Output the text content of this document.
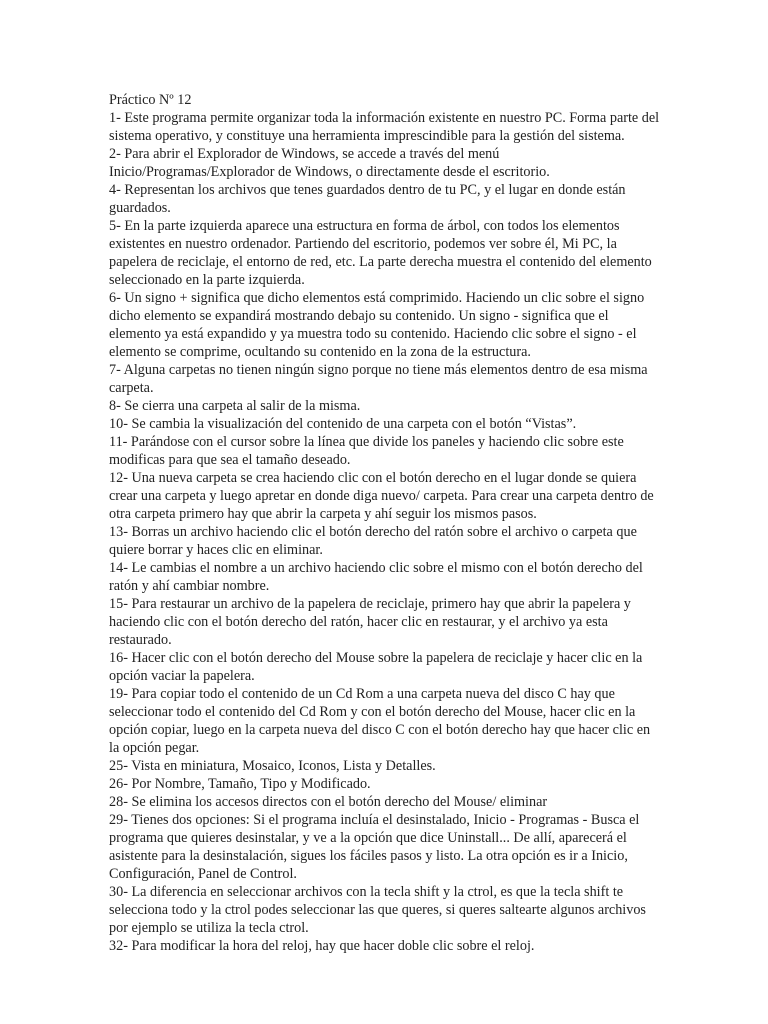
Práctico Nº 12

1- Este programa permite organizar toda la información existente en nuestro PC. Forma parte del sistema operativo, y constituye una herramienta imprescindible para la gestión del sistema.

2- Para abrir el Explorador de Windows, se accede a través del menú Inicio/Programas/Explorador de Windows, o directamente desde el escritorio.

4- Representan los archivos que tenes guardados dentro de tu PC, y el lugar en donde están guardados.

5- En la parte izquierda aparece una estructura en forma de árbol, con todos los elementos existentes en nuestro ordenador. Partiendo del escritorio, podemos ver sobre él, Mi PC, la papelera de reciclaje, el entorno de red, etc. La parte derecha muestra el contenido del elemento seleccionado en la parte izquierda.

6- Un signo + significa que dicho elementos está comprimido. Haciendo un clic sobre el signo dicho elemento se expandirá mostrando debajo su contenido. Un signo - significa que el elemento ya está expandido y ya muestra todo su contenido. Haciendo clic sobre el signo - el elemento se comprime, ocultando su contenido en la zona de la estructura.

7- Alguna carpetas no tienen ningún signo porque no tiene más elementos dentro de esa misma carpeta.

8- Se cierra una carpeta al salir de la misma.

10- Se cambia la visualización del contenido de una carpeta con el botón “Vistas”.

11- Parándose con el cursor sobre la línea que divide los paneles y haciendo clic sobre este modificas para que sea el tamaño deseado.

12- Una nueva carpeta se crea haciendo clic con el botón derecho en el lugar donde se quiera crear una carpeta y luego apretar en donde diga nuevo/ carpeta. Para crear una carpeta dentro de otra carpeta primero hay que abrir la carpeta y ahí seguir los mismos pasos.

13- Borras un archivo haciendo clic el botón derecho del ratón sobre el archivo o carpeta que quiere borrar y haces clic en eliminar.

14- Le cambias el nombre a un archivo haciendo clic sobre el mismo con el botón derecho del ratón y ahí cambiar nombre.

15- Para restaurar un archivo de la papelera de reciclaje, primero hay que abrir la papelera y haciendo clic con el botón derecho del ratón, hacer clic en restaurar, y el archivo ya esta restaurado.

16- Hacer clic con el botón derecho del Mouse sobre la papelera de reciclaje y hacer clic en la opción vaciar la papelera.

19- Para copiar todo el contenido de un Cd Rom a una carpeta nueva del disco C hay que seleccionar todo el contenido del Cd Rom y con el botón derecho del Mouse, hacer clic en la opción copiar, luego en la carpeta nueva del disco C con el botón derecho hay que hacer clic en la opción pegar.

25- Vista en miniatura, Mosaico, Iconos, Lista y Detalles.

26- Por Nombre, Tamaño, Tipo y Modificado.

28- Se elimina los accesos directos con el botón derecho del Mouse/ eliminar

29- Tienes dos opciones: Si el programa incluía el desinstalado, Inicio - Programas - Busca el programa que quieres desinstalar, y ve a la opción que dice Uninstall... De allí, aparecerá el asistente para la desinstalación, sigues los fáciles pasos y listo. La otra opción es ir a Inicio, Configuración, Panel de Control.

30- La diferencia en seleccionar archivos con la tecla shift y la ctrol, es que la tecla shift te selecciona todo y la ctrol podes seleccionar las que queres, si queres saltearte algunos archivos por ejemplo se utiliza la tecla ctrol.

32- Para modificar la hora del reloj, hay que hacer doble clic sobre el reloj.
